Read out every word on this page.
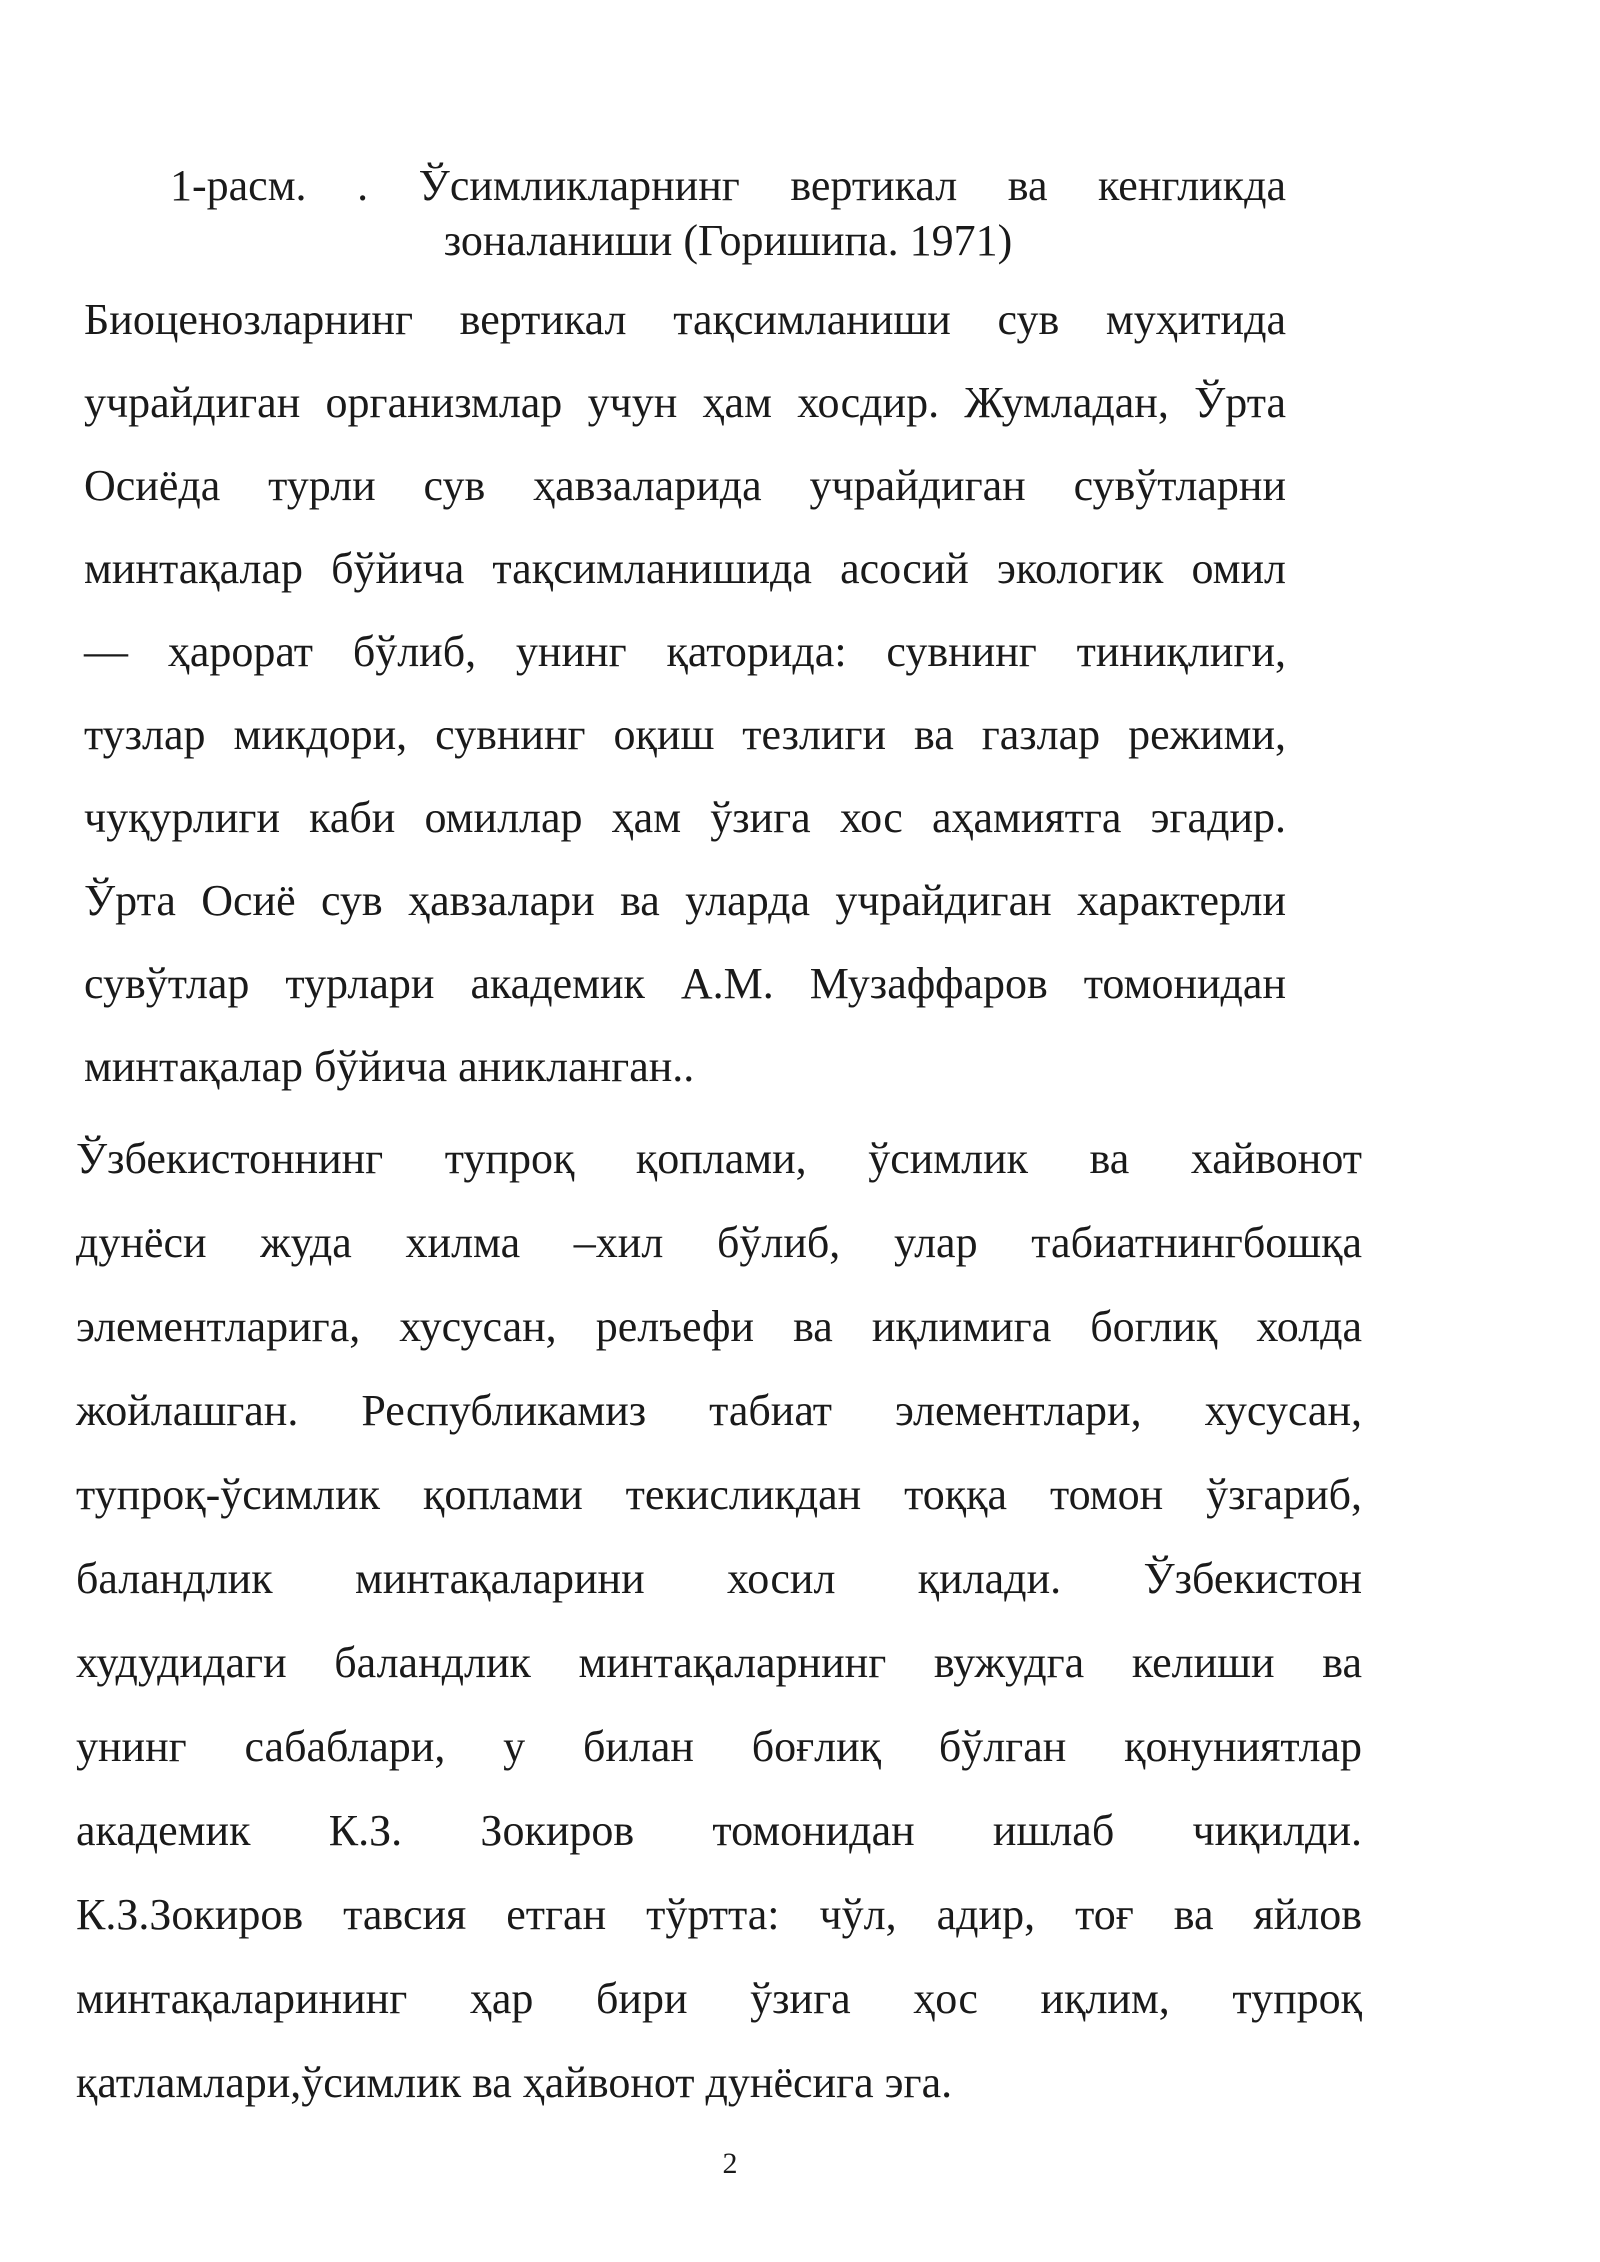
1-расм. . Ўсимликларнинг вертикал ва кенгликда
зоналаниши (Горишипа. 1971)
Биоценозларнинг вертикал тақсимланиши сув муҳитида
учрайдиган организмлар учун ҳам хосдир. Жумладан, Ўрта
Осиёда турли сув ҳавзаларида учрайдиган сувўтларни
минтақалар бўйича тақсимланишида асосий экологик омил
— ҳарорат бўлиб, унинг қаторида: сувнинг тиниқлиги,
тузлар микдори, сувнинг оқиш тезлиги ва газлар режими,
чуқурлиги каби омиллар ҳам ўзига хос аҳамиятга эгадир.
Ўрта Осиё сув ҳавзалари ва уларда учрайдиган характерли
сувўтлар турлари академик А.М. Музаффаров томонидан
минтақалар бўйича аникланган..
Ўзбекистоннинг тупроқ қоплами, ўсимлик ва хайвонот
дунёси жуда хилма –хил бўлиб, улар табиатнингбошқа
элементларига, хусусан, релъефи ва иқлимига боглиқ холда
жойлашган. Республикамиз табиат элементлари, хусусан,
тупроқ-ўсимлик қоплами текисликдан тоққа томон ўзгариб,
баландлик минтақаларини хосил қилади. Ўзбекистон
худудидаги баландлик минтақаларнинг вужудга келиши ва
унинг сабаблари, у билан боғлиқ бўлган қонуниятлар
академик К.З. Зокиров томонидан ишлаб чиқилди.
К.З.Зокиров тавсия етган тўртта: чўл, адир, тоғ ва яйлов
минтақаларининг ҳар бири ўзига ҳос иқлим, тупроқ
қатламлари,ўсимлик ва ҳайвонот дунёсига эга.
2
